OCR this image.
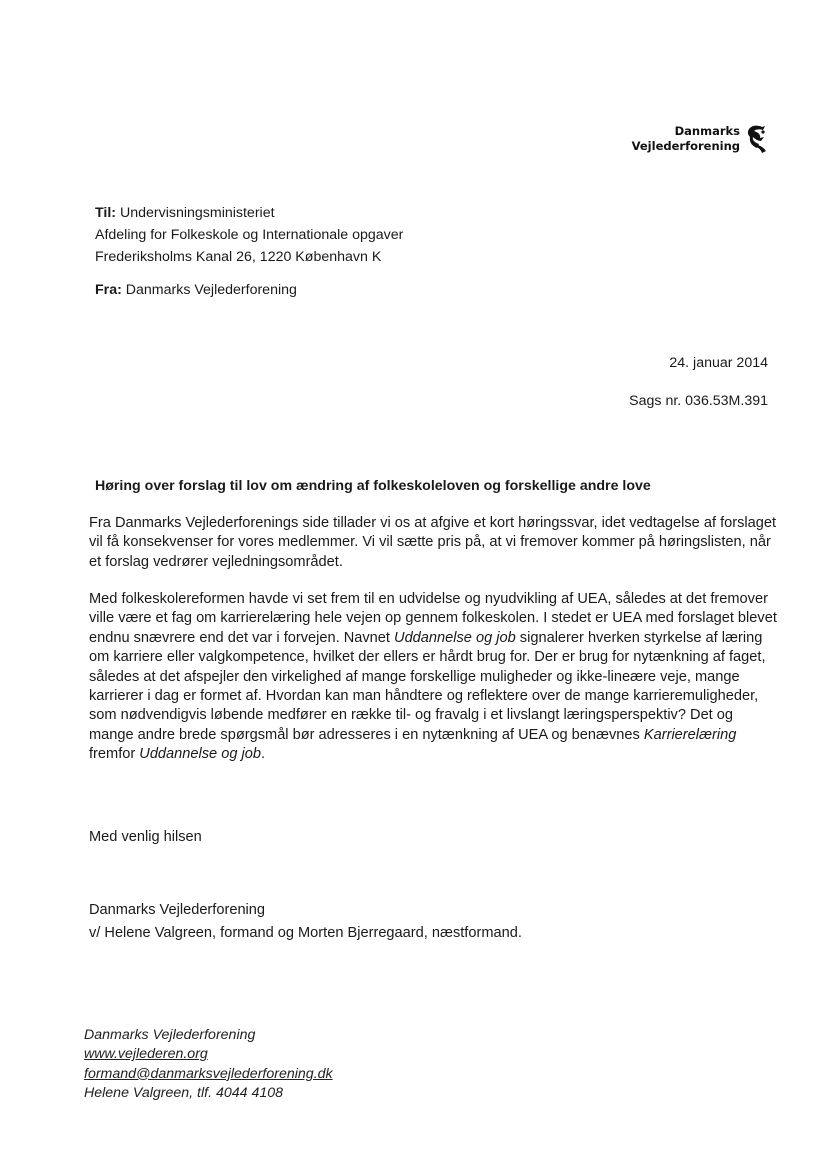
Danmarks
Vejlederforening
Til: Undervisningsministeriet
Afdeling for Folkeskole og Internationale opgaver
Frederiksholms Kanal 26, 1220 København K
Fra: Danmarks Vejlederforening
24. januar 2014
Sags nr. 036.53M.391
Høring over forslag til lov om ændring af folkeskoleloven og forskellige andre love

Fra Danmarks Vejlederforenings side tillader vi os at afgive et kort høringssvar, idet vedtagelse af forslaget vil få konsekvenser for vores medlemmer. Vi vil sætte pris på, at vi fremover kommer på høringslisten, når et forslag vedrører vejledningsområdet.

Med folkeskolereformen havde vi set frem til en udvidelse og nyudvikling af UEA, således at det fremover ville være et fag om karrierelæring hele vejen op gennem folkeskolen. I stedet er UEA med forslaget blevet endnu snævrere end det var i forvejen. Navnet Uddannelse og job signalerer hverken styrkelse af læring om karriere eller valgkompetence, hvilket der ellers er hårdt brug for. Der er brug for nytænkning af faget, således at det afspejler den virkelighed af mange forskellige muligheder og ikke-lineære veje, mange karrierer i dag er formet af. Hvordan kan man håndtere og reflektere over de mange karrieremuligheder, som nødvendigvis løbende medfører en række til- og fravalg i et livslangt læringsperspektiv? Det og mange andre brede spørgsmål bør adresseres i en nytænkning af UEA og benævnes Karrierelæring fremfor Uddannelse og job.

Med venlig hilsen
Danmarks Vejlederforening
v/ Helene Valgreen, formand og Morten Bjerregaard, næstformand.
Danmarks Vejlederforening
www.vejlederen.org
formand@danmarksvejlederforening.dk
Helene Valgreen, tlf. 4044 4108
